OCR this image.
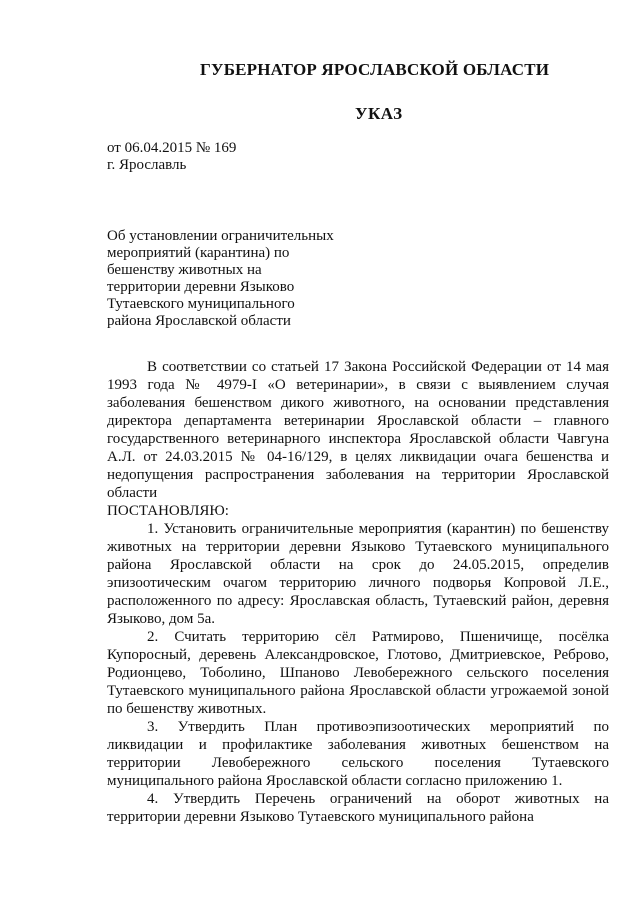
ГУБЕРНАТОР ЯРОСЛАВСКОЙ ОБЛАСТИ
УКАЗ
от 06.04.2015 № 169
г. Ярославль
Об установлении ограничительных
мероприятий (карантина) по
бешенству животных на
территории деревни Языково
Тутаевского муниципального
района Ярославской области

В соответствии со статьей 17 Закона Российской Федерации от 14 мая 1993 года № 4979-I «О ветеринарии», в связи с выявлением случая заболевания бешенством дикого животного, на основании представления директора департамента ветеринарии Ярославской области – главного государственного ветеринарного инспектора Ярославской области Чавгуна А.Л. от 24.03.2015 № 04-16/129, в целях ликвидации очага бешенства и недопущения распространения заболевания на территории Ярославской области

ПОСТАНОВЛЯЮ:

1. Установить ограничительные мероприятия (карантин) по бешенству животных на территории деревни Языково Тутаевского муниципального района Ярославской области на срок до 24.05.2015, определив эпизоотическим очагом территорию личного подворья Копровой Л.Е., расположенного по адресу: Ярославская область, Тутаевский район, деревня Языково, дом 5а.

2. Считать территорию сёл Ратмирово, Пшеничище, посёлка Купоросный, деревень Александровское, Глотово, Дмитриевское, Реброво, Родионцево, Тоболино, Шпаново Левобережного сельского поселения Тутаевского муниципального района Ярославской области угрожаемой зоной по бешенству животных.

3. Утвердить План противоэпизоотических мероприятий по ликвидации и профилактике заболевания животных бешенством на территории Левобережного сельского поселения Тутаевского муниципального района Ярославской области согласно приложению 1.

4. Утвердить Перечень ограничений на оборот животных на территории деревни Языково Тутаевского муниципального района
